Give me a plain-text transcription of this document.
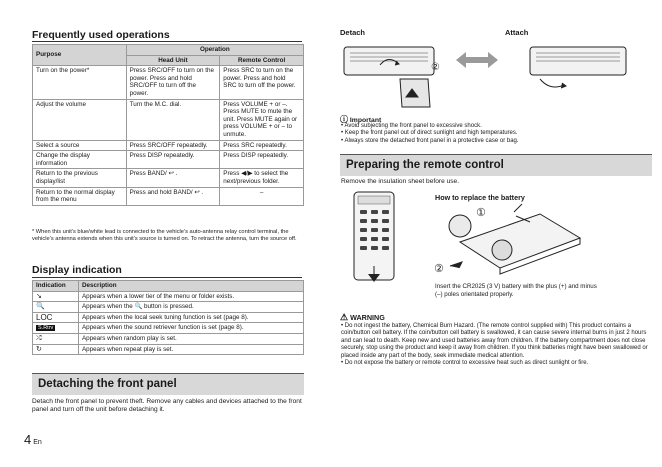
Frequently used operations
Purpose	Operation	
	Head Unit	Remote Control
Turn on the power*	Press SRC/OFF to turn on the power. Press and hold SRC/OFF to turn off the power.	Press SRC to turn on the power. Press and hold SRC to turn off the power.
Adjust the volume	Turn the M.C. dial.	Press VOLUME + or –. Press MUTE to mute the unit. Press MUTE again or press VOLUME + or – to unmute.
Select a source	Press SRC/OFF repeatedly.	Press SRC repeatedly.
Change the display information	Press DISP repeatedly.	Press DISP repeatedly.
Return to the previous display/list	Press BAND/ ↩ .	Press ◀/▶ to select the next/previous folder.
Return to the normal display from the menu	Press and hold BAND/ ↩ .	–
* When this unit’s blue/white lead is connected to the vehicle’s auto-antenna relay control terminal, the vehicle’s antenna extends when this unit’s source is turned on. To retract the antenna, turn the source off.
Display indication
Indication	Description
↘	Appears when a lower tier of the menu or folder exists.
🔍	Appears when the 🔍 button is pressed.
LOC	Appears when the local seek tuning function is set (page 8).
S.Rtrv	Appears when the sound retriever function is set (page 8).
⤮	Appears when random play is set.
↻	Appears when repeat play is set.
Detaching the front panel
Detach the front panel to prevent theft. Remove any cables and devices attached to the front panel and turn off the unit before detaching it.
4 En
Detach	Attach
②
ⓘ Important
• Avoid subjecting the front panel to excessive shock.
• Keep the front panel out of direct sunlight and high temperatures.
• Always store the detached front panel in a protective case or bag.
Preparing the remote control
Remove the insulation sheet before use.
How to replace the battery
①
②
Insert the CR2025 (3 V) battery with the plus (+) and minus (–) poles orientated properly.
⚠ WARNING
• Do not ingest the battery, Chemical Burn Hazard. (The remote control supplied with) This product contains a coin/button cell battery. If the coin/button cell battery is swallowed, it can cause severe internal burns in just 2 hours and can lead to death. Keep new and used batteries away from children. If the battery compartment does not close securely, stop using the product and keep it away from children. If you think batteries might have been swallowed or placed inside any part of the body, seek immediate medical attention.
• Do not expose the battery or remote control to excessive heat such as direct sunlight or fire.
